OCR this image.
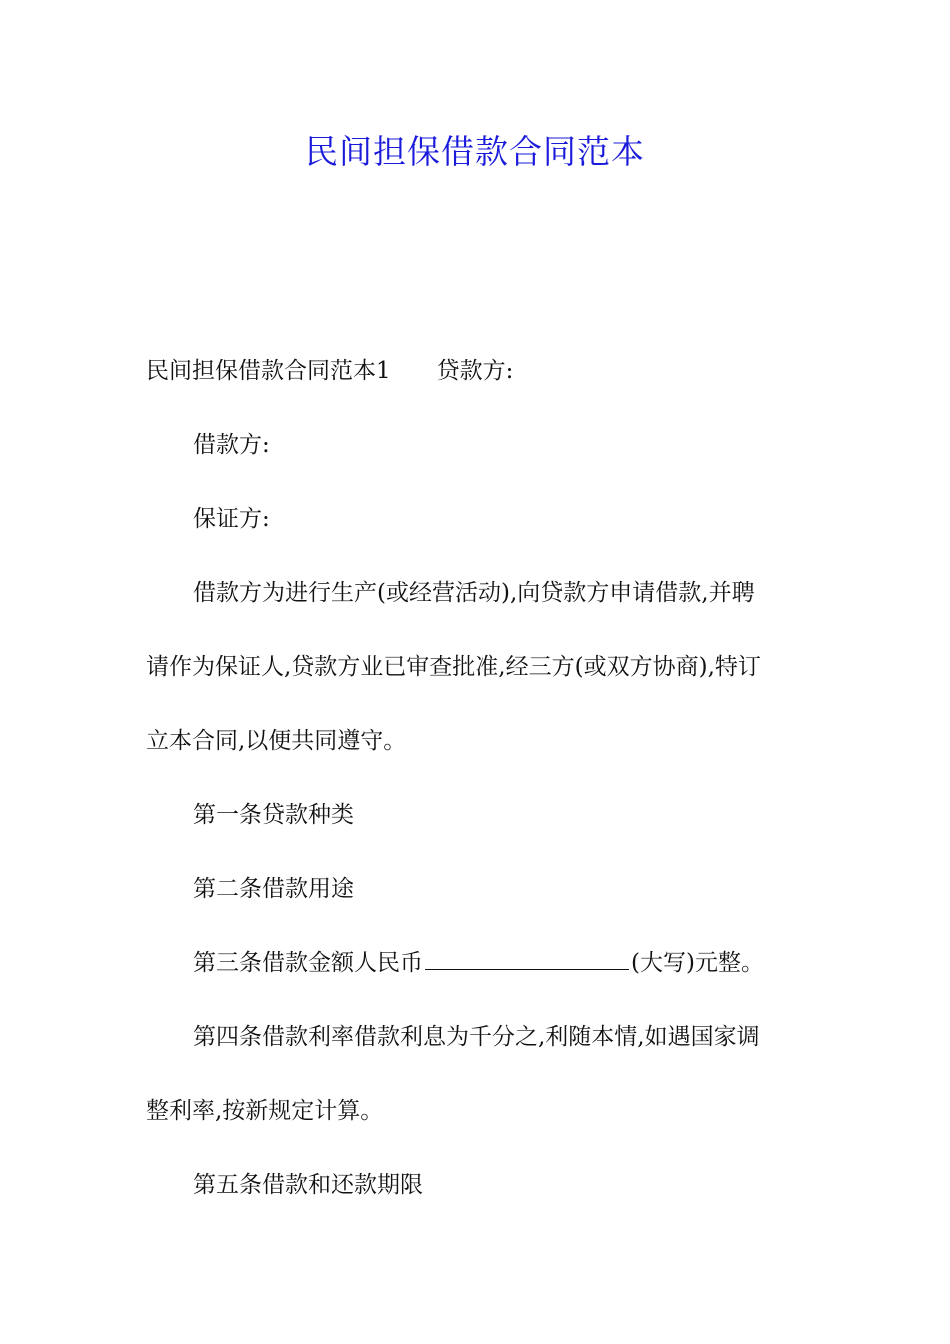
民间担保借款合同范本

民间担保借款合同范本1 贷款方:

借款方:

保证方:

借款方为进行生产(或经营活动),向贷款方申请借款,并聘

请作为保证人,贷款方业已审查批准,经三方(或双方协商),特订

立本合同,以便共同遵守。

第一条贷款种类

第二条借款用途

第三条借款金额人民币	(大写)元整。

第四条借款利率借款利息为千分之,利随本情,如遇国家调

整利率,按新规定计算。

第五条借款和还款期限
